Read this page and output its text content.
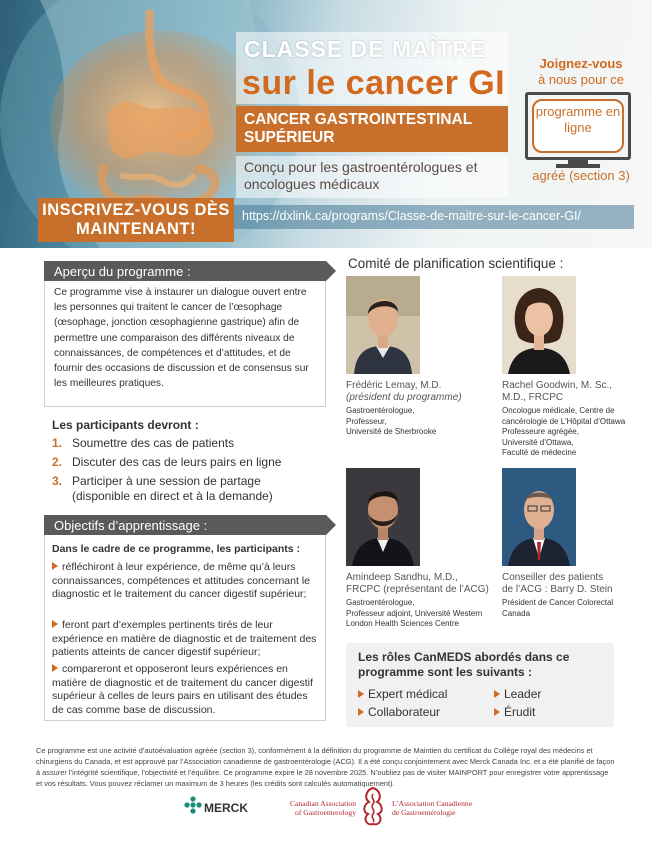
CLASSE DE MAÎTRE
sur le cancer GI
CANCER GASTROINTESTINAL SUPÉRIEUR
Conçu pour les gastroentérologues et oncologues médicaux
Joignez-vous
à nous pour ce
programme en ligne
agréé (section 3)
INSCRIVEZ-VOUS DÈS MAINTENANT!
https://dxlink.ca/programs/Classe-de-maitre-sur-le-cancer-GI/
Aperçu du programme :
Ce programme vise à instaurer un dialogue ouvert entre les personnes qui traitent le cancer de l’œsophage (œsophage, jonction œsophagienne gastrique) afin de permettre une comparaison des différents niveaux de connaissances, de compétences et d’attitudes, et de fournir des occasions de discussion et de consensus sur les meilleures pratiques.
Les participants devront :
1. Soumettre des cas de patients
2. Discuter des cas de leurs pairs en ligne
3. Participer à une session de partage (disponible en direct et à la demande)
Objectifs d’apprentissage :
Dans le cadre de ce programme, les participants :
réfléchiront à leur expérience, de même qu’à leurs connaissances, compétences et attitudes concernant le diagnostic et le traitement du cancer digestif supérieur;
feront part d’exemples pertinents tirés de leur expérience en matière de diagnostic et de traitement des patients atteints de cancer digestif supérieur;
compareront et opposeront leurs expériences en matière de diagnostic et de traitement du cancer digestif supérieur à celles de leurs pairs en utilisant des études de cas comme base de discussion.
Comité de planification scientifique :
Frédéric Lemay, M.D.
(président du programme)
Gastroentérologue,
Professeur,
Université de Sherbrooke
Rachel Goodwin, M. Sc.,
M.D., FRCPC
Oncologue médicale, Centre de
cancérologie de L’Hôpital d’Ottawa
Professeure agrégée,
Université d’Ottawa,
Faculté de médecine
Amindeep Sandhu, M.D.,
FRCPC (représentant de l’ACG)
Gastroentérologue,
Professeur adjoint, Université Western
London Health Sciences Centre
Conseiller des patients
de l’ACG : Barry D. Stein
Président de Cancer Colorectal Canada
Les rôles CanMEDS abordés dans ce programme sont les suivants :
Expert médical	Leader
Collaborateur	Érudit
Ce programme est une activité d’autoévaluation agréée (section 3), conformément à la définition du programme de Maintien du certificat du Collège royal des médecins et chirurgiens du Canada, et est approuvé par l’Association canadienne de gastroentérologie (ACG). Il a été conçu conjointement avec Merck Canada Inc. et a été planifié de façon à assurer l’intégrité scientifique, l’objectivité et l’équilibre. Ce programme expire le 28 novembre 2025. N’oubliez pas de visiter MAINPORT pour enregistrer votre apprentissage et vos résultats. Vous pouvez réclamer un maximum de 3 heures (les crédits sont calculés automatiquement).
MERCK	Canadian Association
of Gastroenterology
L’Association Canadienne
de Gastroentérologie
